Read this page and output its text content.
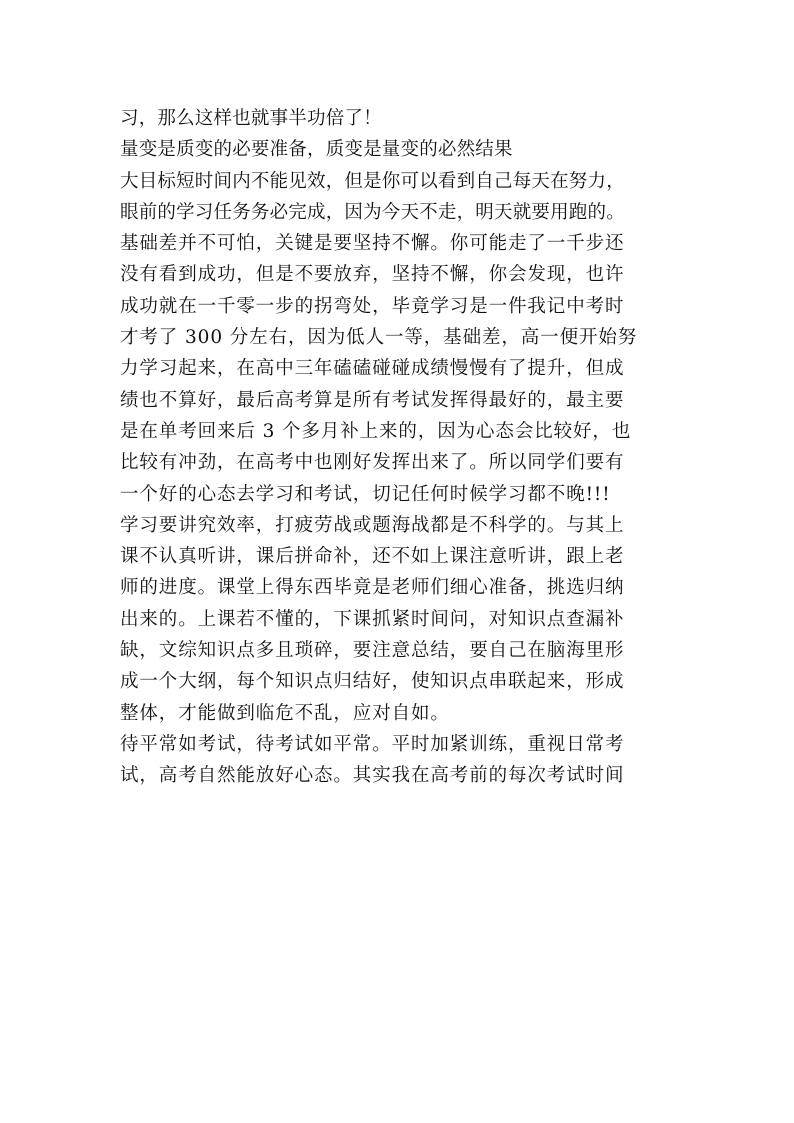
习，那么这样也就事半功倍了！
量变是质变的必要准备，质变是量变的必然结果
大目标短时间内不能见效，但是你可以看到自己每天在努力，
眼前的学习任务务必完成，因为今天不走，明天就要用跑的。
基础差并不可怕，关键是要坚持不懈。你可能走了一千步还
没有看到成功，但是不要放弃，坚持不懈，你会发现，也许
成功就在一千零一步的拐弯处，毕竟学习是一件我记中考时
才考了 300 分左右，因为低人一等，基础差，高一便开始努
力学习起来，在高中三年磕磕碰碰成绩慢慢有了提升，但成
绩也不算好，最后高考算是所有考试发挥得最好的，最主要
是在单考回来后 3 个多月补上来的，因为心态会比较好，也
比较有冲劲，在高考中也刚好发挥出来了。所以同学们要有
一个好的心态去学习和考试，切记任何时候学习都不晚!!!
学习要讲究效率，打疲劳战或题海战都是不科学的。与其上
课不认真听讲，课后拼命补，还不如上课注意听讲，跟上老
师的进度。课堂上得东西毕竟是老师们细心准备，挑选归纳
出来的。上课若不懂的，下课抓紧时间问，对知识点查漏补
缺，文综知识点多且琐碎，要注意总结，要自己在脑海里形
成一个大纲，每个知识点归结好，使知识点串联起来，形成
整体，才能做到临危不乱，应对自如。
待平常如考试，待考试如平常。平时加紧训练，重视日常考
试，高考自然能放好心态。其实我在高考前的每次考试时间
